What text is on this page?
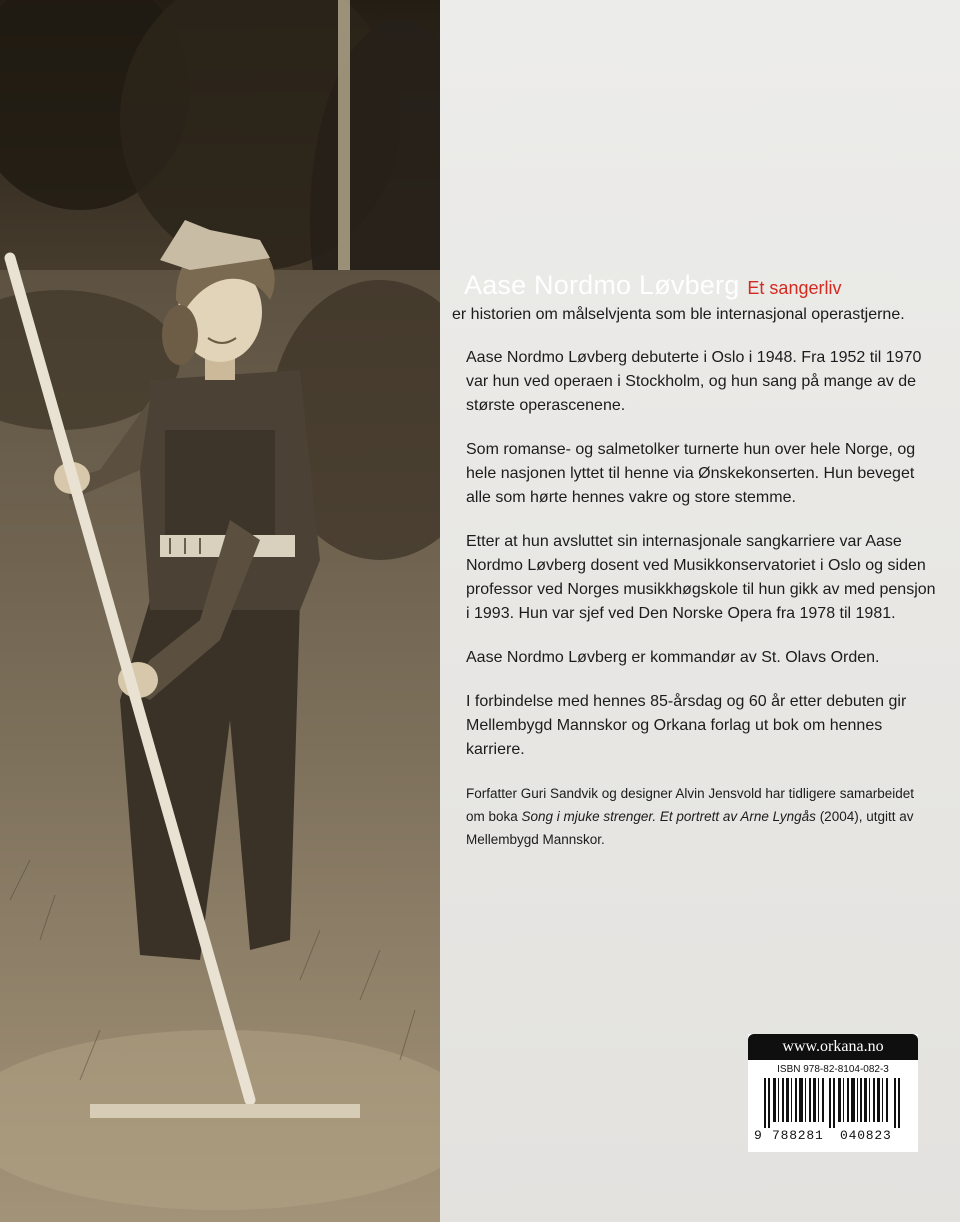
Aase Nordmo Løvberg Et sangerliv
er historien om målselvjenta som ble internasjonal operastjerne.

Aase Nordmo Løvberg debuterte i Oslo i 1948. Fra 1952 til 1970 var hun ved operaen i Stockholm, og hun sang på mange av de største operascenene.

Som romanse- og salmetolker turnerte hun over hele Norge, og hele nasjonen lyttet til henne via Ønskekonserten. Hun beveget alle som hørte hennes vakre og store stemme.

Etter at hun avsluttet sin internasjonale sangkarriere var Aase Nordmo Løvberg dosent ved Musikkonservatoriet i Oslo og siden professor ved Norges musikkhøgskole til hun gikk av med pensjon i 1993. Hun var sjef ved Den Norske Opera fra 1978 til 1981.

Aase Nordmo Løvberg er kommandør av St. Olavs Orden.

I forbindelse med hennes 85-årsdag og 60 år etter debuten gir Mellembygd Mannskor og Orkana forlag ut bok om hennes karriere.

Forfatter Guri Sandvik og designer Alvin Jensvold har tidligere samarbeidet om boka Song i mjuke strenger. Et portrett av Arne Lyngås (2004), utgitt av Mellembygd Mannskor.

www.orkana.no
ISBN 978-82-8104-082-3
9 788281 040823
